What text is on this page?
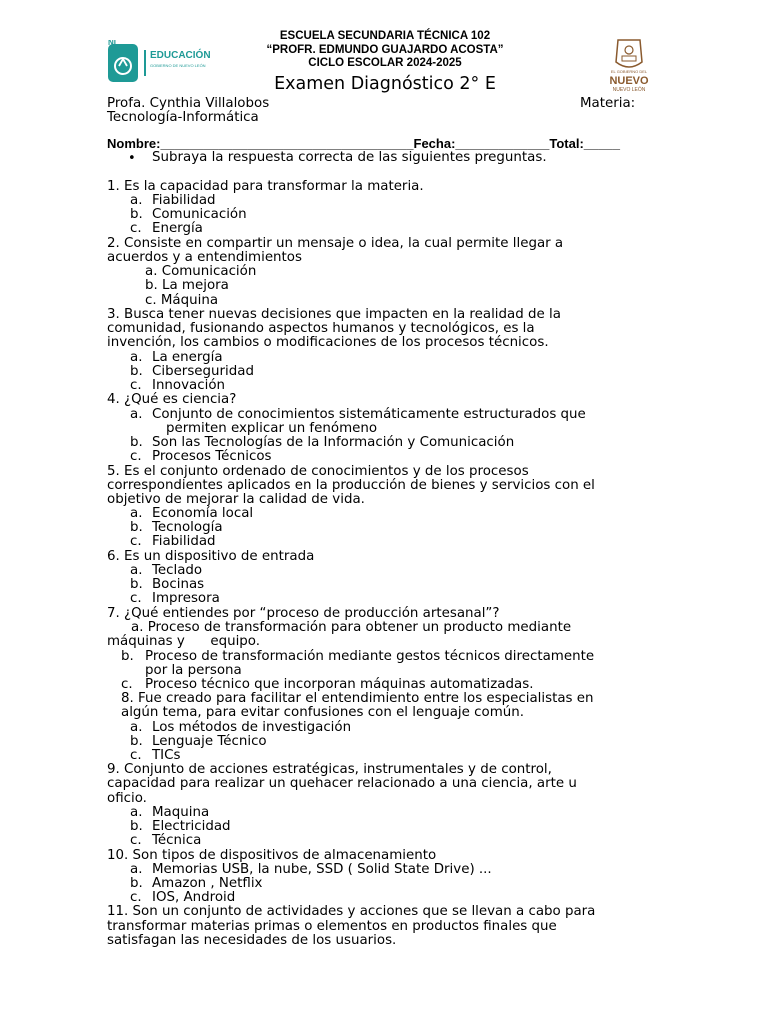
NL
EDUCACIÓN
GOBIERNO DE NUEVO LEÓN
ESCUELA SECUNDARIA TÉCNICA 102
“PROFR. EDMUNDO GUAJARDO ACOSTA”
CICLO ESCOLAR 2024-2025
Examen Diagnóstico 2° E
EL GOBIERNO DEL
NUEVO
NUEVO LEÓN
Profa. Cynthia Villalobos	Materia:
Tecnología-Informática
Nombre:___________________________________Fecha:_____________Total:_____
• Subraya la respuesta correcta de las siguientes preguntas.
1. Es la capacidad para transformar la materia.
a. Fiabilidad
b. Comunicación
c. Energía
2. Consiste en compartir un mensaje o idea, la cual permite llegar a
acuerdos y a entendimientos
a. Comunicación
b. La mejora
c. Máquina
3. Busca tener nuevas decisiones que impacten en la realidad de la
comunidad, fusionando aspectos humanos y tecnológicos, es la
invención, los cambios o modificaciones de los procesos técnicos.
a. La energía
b. Ciberseguridad
c. Innovación
4. ¿Qué es ciencia?
a. Conjunto de conocimientos sistemáticamente estructurados que
permiten explicar un fenómeno
b. Son las Tecnologías de la Información y Comunicación
c. Procesos Técnicos
5. Es el conjunto ordenado de conocimientos y de los procesos
correspondientes aplicados en la producción de bienes y servicios con el
objetivo de mejorar la calidad de vida.
a. Economía local
b. Tecnología
c. Fiabilidad
6. Es un dispositivo de entrada
a. Teclado
b. Bocinas
c. Impresora
7. ¿Qué entiendes por “proceso de producción artesanal”?
a. Proceso de transformación para obtener un producto mediante
máquinas y      equipo.
b. Proceso de transformación mediante gestos técnicos directamente
por la persona
c. Proceso técnico que incorporan máquinas automatizadas.
8. Fue creado para facilitar el entendimiento entre los especialistas en
algún tema, para evitar confusiones con el lenguaje común.
a. Los métodos de investigación
b. Lenguaje Técnico
c. TICs
9. Conjunto de acciones estratégicas, instrumentales y de control,
capacidad para realizar un quehacer relacionado a una ciencia, arte u
oficio.
a. Maquina
b. Electricidad
c. Técnica
10. Son tipos de dispositivos de almacenamiento
a. Memorias USB, la nube, SSD ( Solid State Drive) ...
b. Amazon , Netflix
c. IOS, Android
11. Son un conjunto de actividades y acciones que se llevan a cabo para
transformar materias primas o elementos en productos finales que
satisfagan las necesidades de los usuarios.
